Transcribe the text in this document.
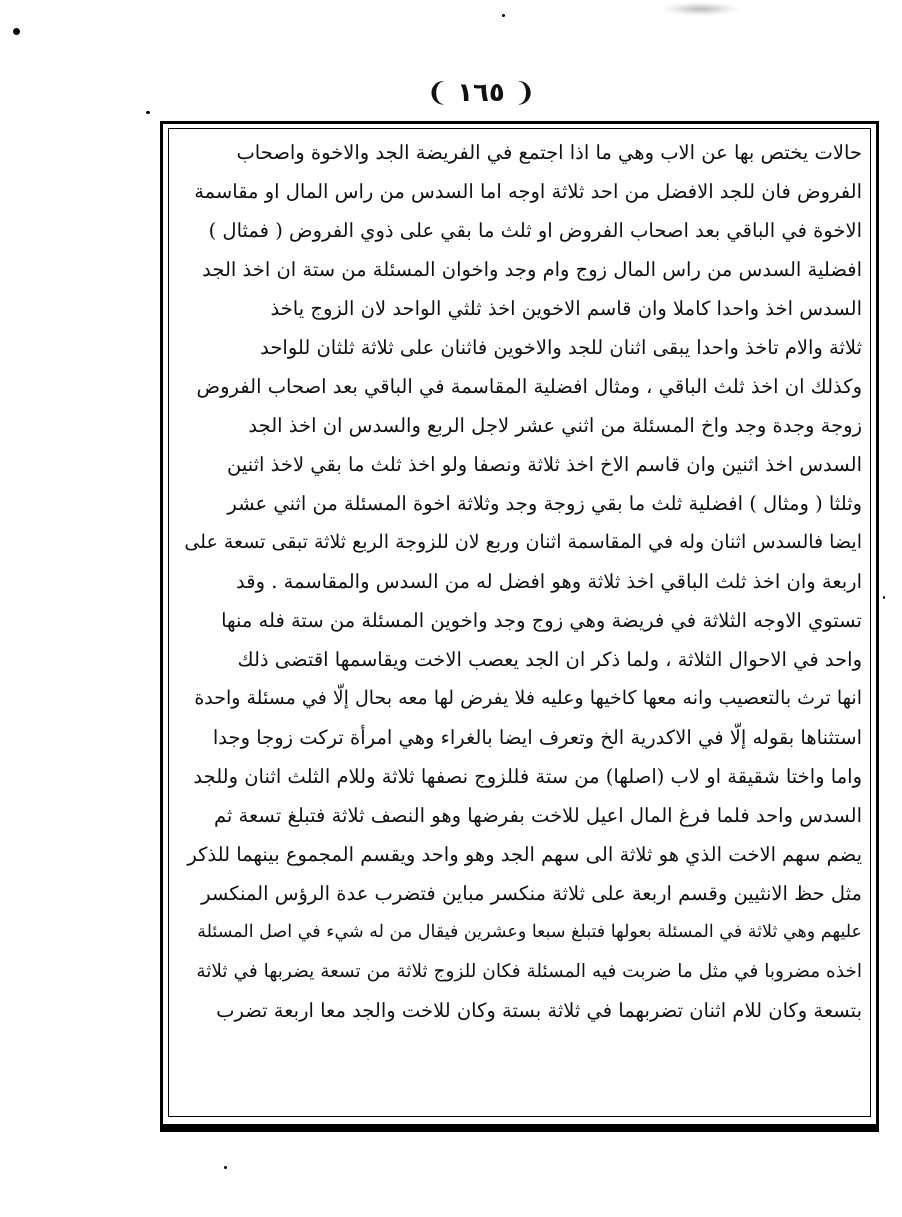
❨ ١٦٥ ❩
حالات يختص بها عن الاب وهي ما اذا اجتمع في الفريضة الجد والاخوة واصحاب
الفروض فان للجد الافضل من احد ثلاثة اوجه اما السدس من راس المال او مقاسمة
الاخوة في الباقي بعد اصحاب الفروض او ثلث ما بقي على ذوي الفروض ( فمثال )
افضلية السدس من راس المال زوج وام وجد واخوان المسئلة من ستة ان اخذ الجد
السدس اخذ واحدا كاملا وان قاسم الاخوين اخذ ثلثي الواحد لان الزوج ياخذ
ثلاثة والام تاخذ واحدا يبقى اثنان للجد والاخوين فاثنان على ثلاثة ثلثان للواحد
وكذلك ان اخذ ثلث الباقي ، ومثال افضلية المقاسمة في الباقي بعد اصحاب الفروض
زوجة وجدة وجد واخ المسئلة من اثني عشر لاجل الربع والسدس ان اخذ الجد
السدس اخذ اثنين وان قاسم الاخ اخذ ثلاثة ونصفا ولو اخذ ثلث ما بقي لاخذ اثنين
وثلثا ( ومثال ) افضلية ثلث ما بقي زوجة وجد وثلاثة اخوة المسئلة من اثني عشر
ايضا فالسدس اثنان وله في المقاسمة اثنان وربع لان للزوجة الربع ثلاثة تبقى تسعة على
اربعة وان اخذ ثلث الباقي اخذ ثلاثة وهو افضل له من السدس والمقاسمة . وقد
تستوي الاوجه الثلاثة في فريضة وهي زوج وجد واخوين المسئلة من ستة فله منها
واحد في الاحوال الثلاثة ، ولما ذكر ان الجد يعصب الاخت ويقاسمها اقتضى ذلك
انها ترث بالتعصيب وانه معها كاخيها وعليه فلا يفرض لها معه بحال إلّا في مسئلة واحدة
استثناها بقوله إلّا في الاكدرية الخ وتعرف ايضا بالغراء وهي امرأة تركت زوجا وجدا
واما واختا شقيقة او لاب (اصلها) من ستة فللزوج نصفها ثلاثة وللام الثلث اثنان وللجد
السدس واحد فلما فرغ المال اعيل للاخت بفرضها وهو النصف ثلاثة فتبلغ تسعة ثم
يضم سهم الاخت الذي هو ثلاثة الى سهم الجد وهو واحد ويقسم المجموع بينهما للذكر
مثل حظ الانثيين وقسم اربعة على ثلاثة منكسر مباين فتضرب عدة الرؤس المنكسر
عليهم وهي ثلاثة في المسئلة بعولها فتبلغ سبعا وعشرين فيقال من له شيء في اصل المسئلة
اخذه مضروبا في مثل ما ضربت فيه المسئلة فكان للزوج ثلاثة من تسعة يضربها في ثلاثة
بتسعة وكان للام اثنان تضربهما في ثلاثة بستة وكان للاخت والجد معا اربعة تضرب
